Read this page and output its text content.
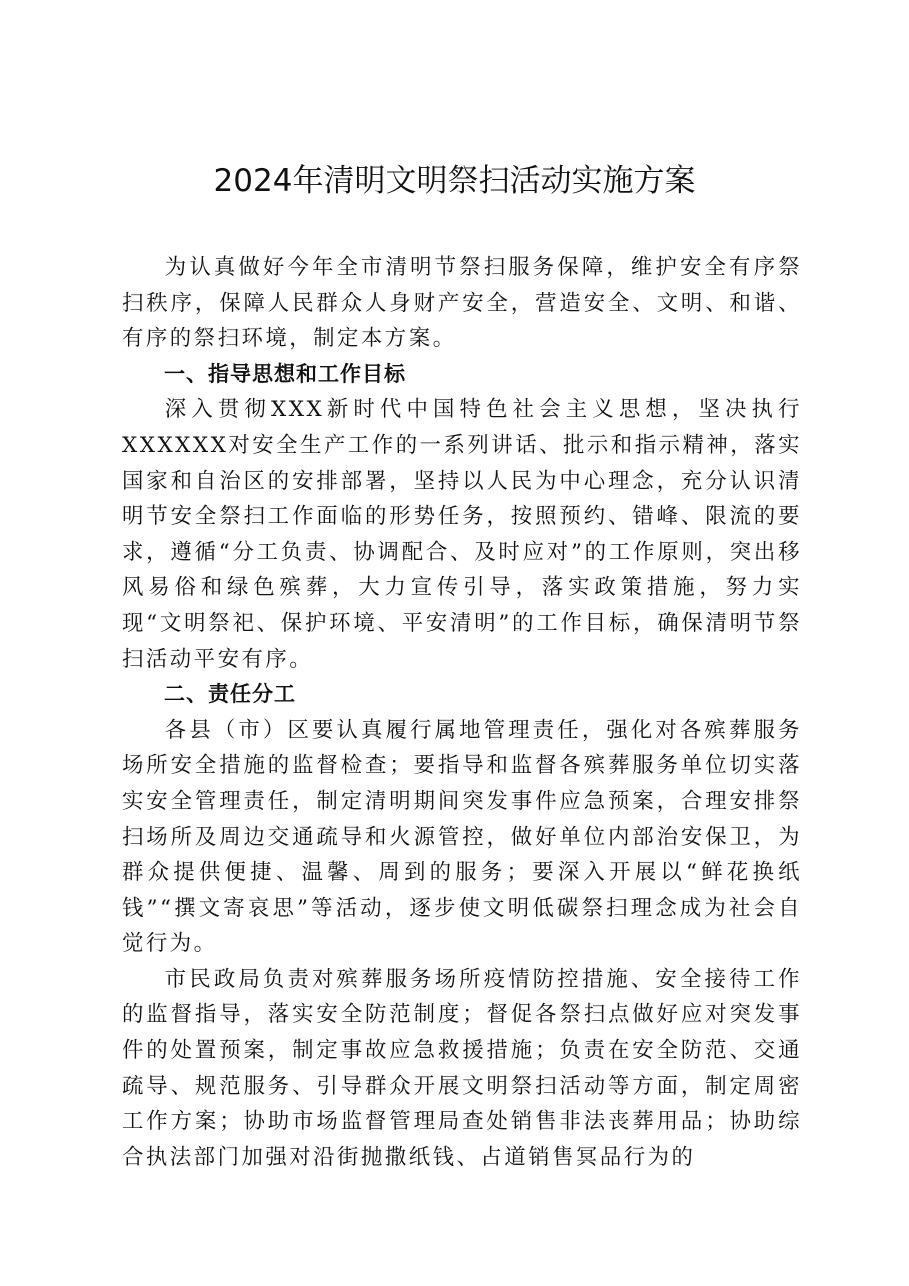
2024年清明文明祭扫活动实施方案

为认真做好今年全市清明节祭扫服务保障，维护安全有序祭扫秩序，保障人民群众人身财产安全，营造安全、文明、和谐、有序的祭扫环境，制定本方案。

一、指导思想和工作目标

深入贯彻XXX新时代中国特色社会主义思想，坚决执行XXXXXX对安全生产工作的一系列讲话、批示和指示精神，落实国家和自治区的安排部署，坚持以人民为中心理念，充分认识清明节安全祭扫工作面临的形势任务，按照预约、错峰、限流的要求，遵循“分工负责、协调配合、及时应对”的工作原则，突出移风易俗和绿色殡葬，大力宣传引导，落实政策措施，努力实现“文明祭祀、保护环境、平安清明”的工作目标，确保清明节祭扫活动平安有序。

二、责任分工

各县（市）区要认真履行属地管理责任，强化对各殡葬服务场所安全措施的监督检查；要指导和监督各殡葬服务单位切实落实安全管理责任，制定清明期间突发事件应急预案，合理安排祭扫场所及周边交通疏导和火源管控，做好单位内部治安保卫，为群众提供便捷、温馨、周到的服务；要深入开展以“鲜花换纸钱”“撰文寄哀思”等活动，逐步使文明低碳祭扫理念成为社会自觉行为。

市民政局负责对殡葬服务场所疫情防控措施、安全接待工作的监督指导，落实安全防范制度；督促各祭扫点做好应对突发事件的处置预案，制定事故应急救援措施；负责在安全防范、交通疏导、规范服务、引导群众开展文明祭扫活动等方面，制定周密工作方案；协助市场监督管理局查处销售非法丧葬用品；协助综合执法部门加强对沿街抛撒纸钱、占道销售冥品行为的
